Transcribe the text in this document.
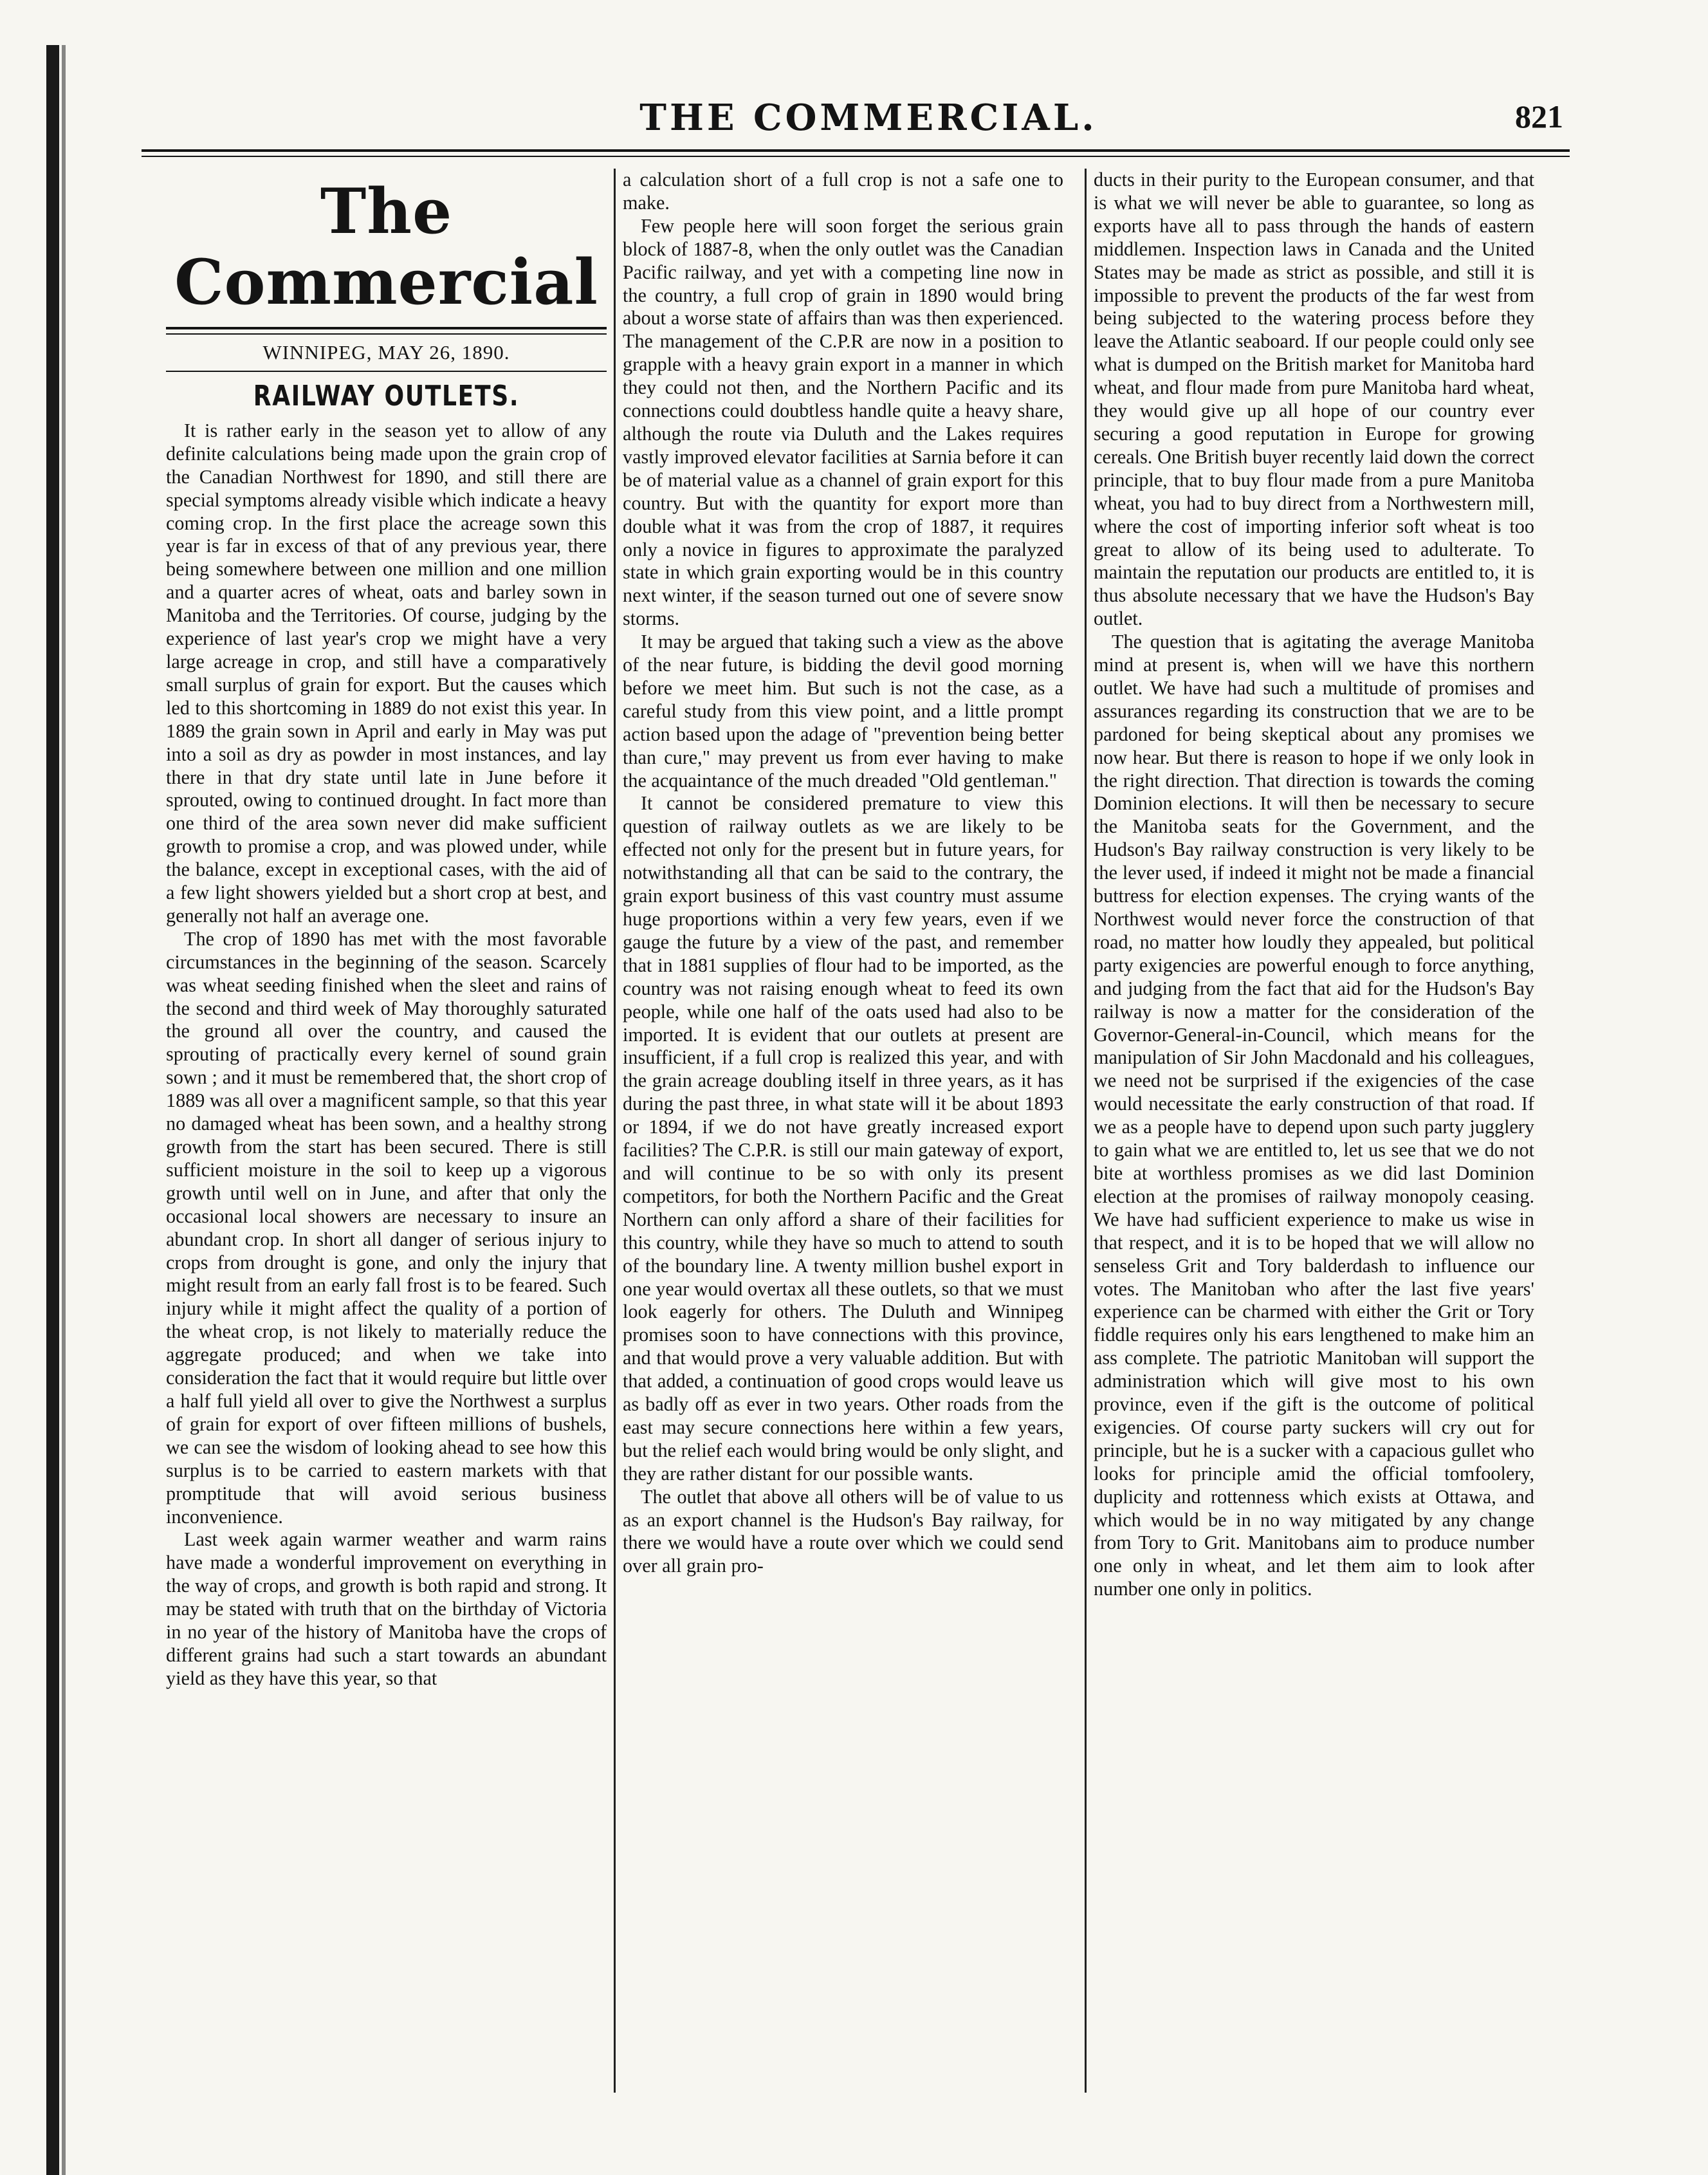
THE COMMERCIAL.	821
The Commercial
WINNIPEG, MAY 26, 1890.
RAILWAY OUTLETS.

It is rather early in the season yet to allow of any definite calculations being made upon the grain crop of the Canadian Northwest for 1890, and still there are special symptoms already visible which indicate a heavy coming crop. In the first place the acreage sown this year is far in excess of that of any previous year, there being somewhere between one million and one million and a quarter acres of wheat, oats and barley sown in Manitoba and the Territories. Of course, judging by the experience of last year's crop we might have a very large acreage in crop, and still have a comparatively small surplus of grain for export. But the causes which led to this shortcoming in 1889 do not exist this year. In 1889 the grain sown in April and early in May was put into a soil as dry as powder in most instances, and lay there in that dry state until late in June before it sprouted, owing to continued drought. In fact more than one third of the area sown never did make sufficient growth to promise a crop, and was plowed under, while the balance, except in exceptional cases, with the aid of a few light showers yielded but a short crop at best, and generally not half an average one.

The crop of 1890 has met with the most favorable circumstances in the beginning of the season. Scarcely was wheat seeding finished when the sleet and rains of the second and third week of May thoroughly saturated the ground all over the country, and caused the sprouting of practically every kernel of sound grain sown ; and it must be remembered that, the short crop of 1889 was all over a magnificent sample, so that this year no damaged wheat has been sown, and a healthy strong growth from the start has been secured. There is still sufficient moisture in the soil to keep up a vigorous growth until well on in June, and after that only the occasional local showers are necessary to insure an abundant crop. In short all danger of serious injury to crops from drought is gone, and only the injury that might result from an early fall frost is to be feared. Such injury while it might affect the quality of a portion of the wheat crop, is not likely to materially reduce the aggregate produced; and when we take into consideration the fact that it would require but little over a half full yield all over to give the Northwest a surplus of grain for export of over fifteen millions of bushels, we can see the wisdom of looking ahead to see how this surplus is to be carried to eastern markets with that promptitude that will avoid serious business inconvenience.

Last week again warmer weather and warm rains have made a wonderful improvement on everything in the way of crops, and growth is both rapid and strong. It may be stated with truth that on the birthday of Victoria in no year of the history of Manitoba have the crops of different grains had such a start towards an abundant yield as they have this year, so that

a calculation short of a full crop is not a safe one to make.

Few people here will soon forget the serious grain block of 1887-8, when the only outlet was the Canadian Pacific railway, and yet with a competing line now in the country, a full crop of grain in 1890 would bring about a worse state of affairs than was then experienced. The management of the C.P.R are now in a position to grapple with a heavy grain export in a manner in which they could not then, and the Northern Pacific and its connections could doubtless handle quite a heavy share, although the route via Duluth and the Lakes requires vastly improved elevator facilities at Sarnia before it can be of material value as a channel of grain export for this country. But with the quantity for export more than double what it was from the crop of 1887, it requires only a novice in figures to approximate the paralyzed state in which grain exporting would be in this country next winter, if the season turned out one of severe snow storms.

It may be argued that taking such a view as the above of the near future, is bidding the devil good morning before we meet him. But such is not the case, as a careful study from this view point, and a little prompt action based upon the adage of "prevention being better than cure," may prevent us from ever having to make the acquaintance of the much dreaded "Old gentleman."

It cannot be considered premature to view this question of railway outlets as we are likely to be effected not only for the present but in future years, for notwithstanding all that can be said to the contrary, the grain export business of this vast country must assume huge proportions within a very few years, even if we gauge the future by a view of the past, and remember that in 1881 supplies of flour had to be imported, as the country was not raising enough wheat to feed its own people, while one half of the oats used had also to be imported. It is evident that our outlets at present are insufficient, if a full crop is realized this year, and with the grain acreage doubling itself in three years, as it has during the past three, in what state will it be about 1893 or 1894, if we do not have greatly increased export facilities? The C.P.R. is still our main gateway of export, and will continue to be so with only its present competitors, for both the Northern Pacific and the Great Northern can only afford a share of their facilities for this country, while they have so much to attend to south of the boundary line. A twenty million bushel export in one year would overtax all these outlets, so that we must look eagerly for others. The Duluth and Winnipeg promises soon to have connections with this province, and that would prove a very valuable addition. But with that added, a continuation of good crops would leave us as badly off as ever in two years. Other roads from the east may secure connections here within a few years, but the relief each would bring would be only slight, and they are rather distant for our possible wants.

The outlet that above all others will be of value to us as an export channel is the Hudson's Bay railway, for there we would have a route over which we could send over all grain pro-

ducts in their purity to the European consumer, and that is what we will never be able to guarantee, so long as exports have all to pass through the hands of eastern middlemen. Inspection laws in Canada and the United States may be made as strict as possible, and still it is impossible to prevent the products of the far west from being subjected to the watering process before they leave the Atlantic seaboard. If our people could only see what is dumped on the British market for Manitoba hard wheat, and flour made from pure Manitoba hard wheat, they would give up all hope of our country ever securing a good reputation in Europe for growing cereals. One British buyer recently laid down the correct principle, that to buy flour made from a pure Manitoba wheat, you had to buy direct from a Northwestern mill, where the cost of importing inferior soft wheat is too great to allow of its being used to adulterate. To maintain the reputation our products are entitled to, it is thus absolute necessary that we have the Hudson's Bay outlet.

The question that is agitating the average Manitoba mind at present is, when will we have this northern outlet. We have had such a multitude of promises and assurances regarding its construction that we are to be pardoned for being skeptical about any promises we now hear. But there is reason to hope if we only look in the right direction. That direction is towards the coming Dominion elections. It will then be necessary to secure the Manitoba seats for the Government, and the Hudson's Bay railway construction is very likely to be the lever used, if indeed it might not be made a financial buttress for election expenses. The crying wants of the Northwest would never force the construction of that road, no matter how loudly they appealed, but political party exigencies are powerful enough to force anything, and judging from the fact that aid for the Hudson's Bay railway is now a matter for the consideration of the Governor-General-in-Council, which means for the manipulation of Sir John Macdonald and his colleagues, we need not be surprised if the exigencies of the case would necessitate the early construction of that road. If we as a people have to depend upon such party jugglery to gain what we are entitled to, let us see that we do not bite at worthless promises as we did last Dominion election at the promises of railway monopoly ceasing. We have had sufficient experience to make us wise in that respect, and it is to be hoped that we will allow no senseless Grit and Tory balderdash to influence our votes. The Manitoban who after the last five years' experience can be charmed with either the Grit or Tory fiddle requires only his ears lengthened to make him an ass complete. The patriotic Manitoban will support the administration which will give most to his own province, even if the gift is the outcome of political exigencies. Of course party suckers will cry out for principle, but he is a sucker with a capacious gullet who looks for principle amid the official tomfoolery, duplicity and rottenness which exists at Ottawa, and which would be in no way mitigated by any change from Tory to Grit. Manitobans aim to produce number one only in wheat, and let them aim to look after number one only in politics.
